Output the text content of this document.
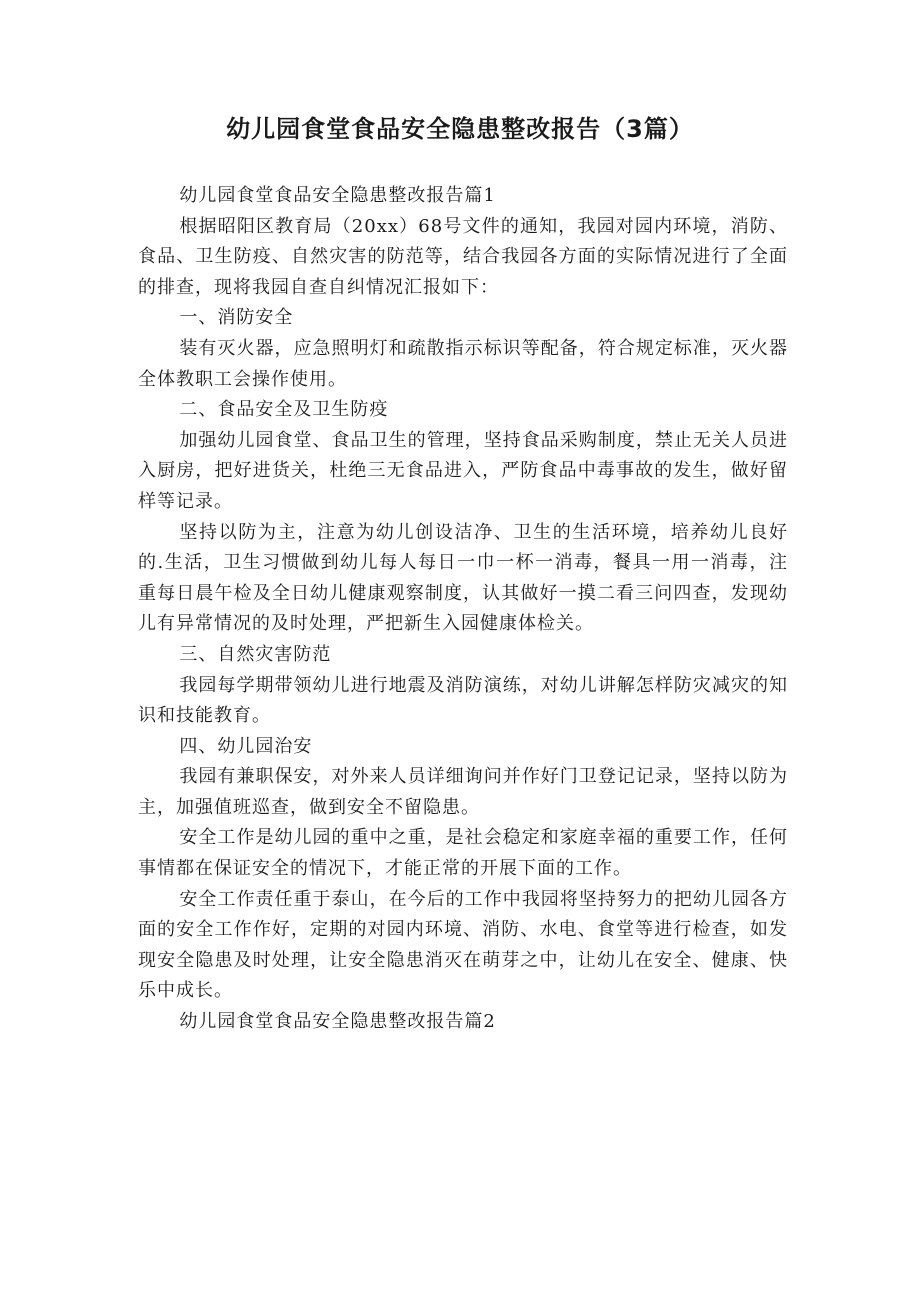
幼儿园食堂食品安全隐患整改报告（3篇）

幼儿园食堂食品安全隐患整改报告篇1

根据昭阳区教育局（20xx）68号文件的通知，我园对园内环境，消防、食品、卫生防疫、自然灾害的防范等，结合我园各方面的实际情况进行了全面的排查，现将我园自查自纠情况汇报如下：

一、消防安全

装有灭火器，应急照明灯和疏散指示标识等配备，符合规定标准，灭火器全体教职工会操作使用。

二、食品安全及卫生防疫

加强幼儿园食堂、食品卫生的管理，坚持食品采购制度，禁止无关人员进入厨房，把好进货关，杜绝三无食品进入，严防食品中毒事故的发生，做好留样等记录。

坚持以防为主，注意为幼儿创设洁净、卫生的生活环境，培养幼儿良好的.生活，卫生习惯做到幼儿每人每日一巾一杯一消毒，餐具一用一消毒，注重每日晨午检及全日幼儿健康观察制度，认其做好一摸二看三问四查，发现幼儿有异常情况的及时处理，严把新生入园健康体检关。

三、自然灾害防范

我园每学期带领幼儿进行地震及消防演练，对幼儿讲解怎样防灾减灾的知识和技能教育。

四、幼儿园治安

我园有兼职保安，对外来人员详细询问并作好门卫登记记录，坚持以防为主，加强值班巡查，做到安全不留隐患。

安全工作是幼儿园的重中之重，是社会稳定和家庭幸福的重要工作，任何事情都在保证安全的情况下，才能正常的开展下面的工作。

安全工作责任重于泰山，在今后的工作中我园将坚持努力的把幼儿园各方面的安全工作作好，定期的对园内环境、消防、水电、食堂等进行检查，如发现安全隐患及时处理，让安全隐患消灭在萌芽之中，让幼儿在安全、健康、快乐中成长。

幼儿园食堂食品安全隐患整改报告篇2
